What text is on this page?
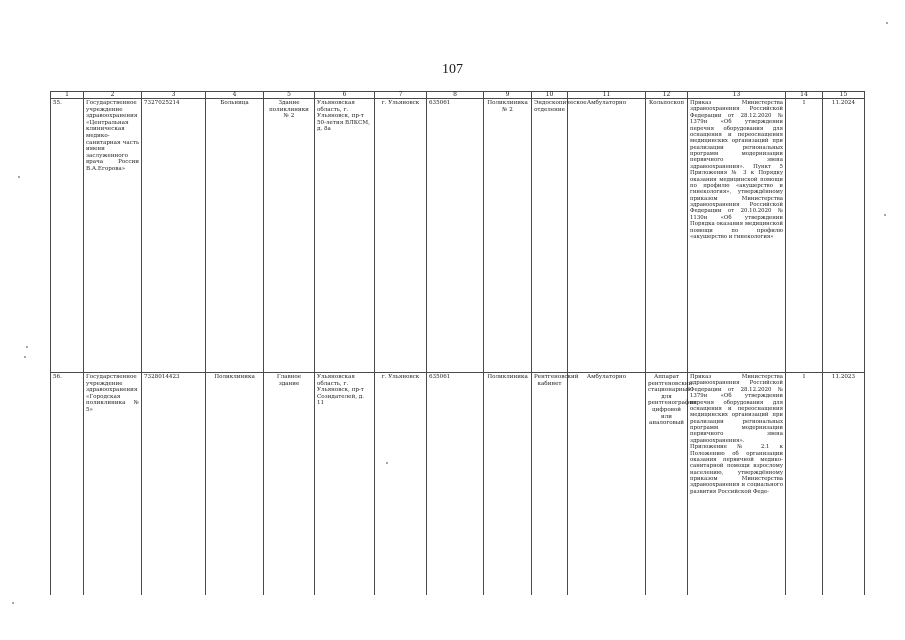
107
1	2	3	4	5	6	7	8	9	10	11	12	13	14	15
55.	Государственное учреждение здравоохранения «Центральная клиническая медико-санитарная часть имени заслуженного врача России В.А.Егорова»	7327025214	Больница	Здание поликлиники № 2	Ульяновская область, г. Ульяновск, пр-т 50-летия ВЛКСМ, д. 8а	г. Ульяновск	635061	Поликлиника № 2	Эндоскопическое отделение	Амбулаторно	Кольпоскоп	Приказ Министерства здравоохранения Российской Федерации от 28.12.2020 № 1379н «Об утверждении перечня оборудования для оснащения и переоснащения медицинских организаций при реализации региональных программ модернизации первичного звена здравоохранения». Пункт 5 Приложения № 3 к Порядку оказания медицинской помощи по профилю «акушерство и гинекология», утверждённому приказом Министерства здравоохранения Российской Федерации от 20.10.2020 № 1130н «Об утверждении Порядка оказания медицинской помощи по профилю «акушерство и гинекология»	1	11.2024
56.	Государственное учреждение здравоохранения «Городская поликлиника № 5»	7328014423	Поликлиника	Главное здание	Ульяновская область, г. Ульяновск, пр-т Созидателей, д. 11	г. Ульяновск	635061	Поликлиника	Рентгеновский кабинет	Амбулаторно	Аппарат рентгеновский стационарный для рентгенографии цифровой или аналоговый	Приказ Министерства здравоохранения Российской Федерации от 28.12.2020 № 1379н «Об утверждении перечня оборудования для оснащения и переоснащения медицинских организаций при реализации региональных программ модернизации первичного звена здравоохранения». Приложение № 2.1 к Положению об организации оказания первичной медико-санитарной помощи взрослому населению, утверждённому приказом Министерства здравоохранения и социального развития Российской Феде-	1	11.2023
